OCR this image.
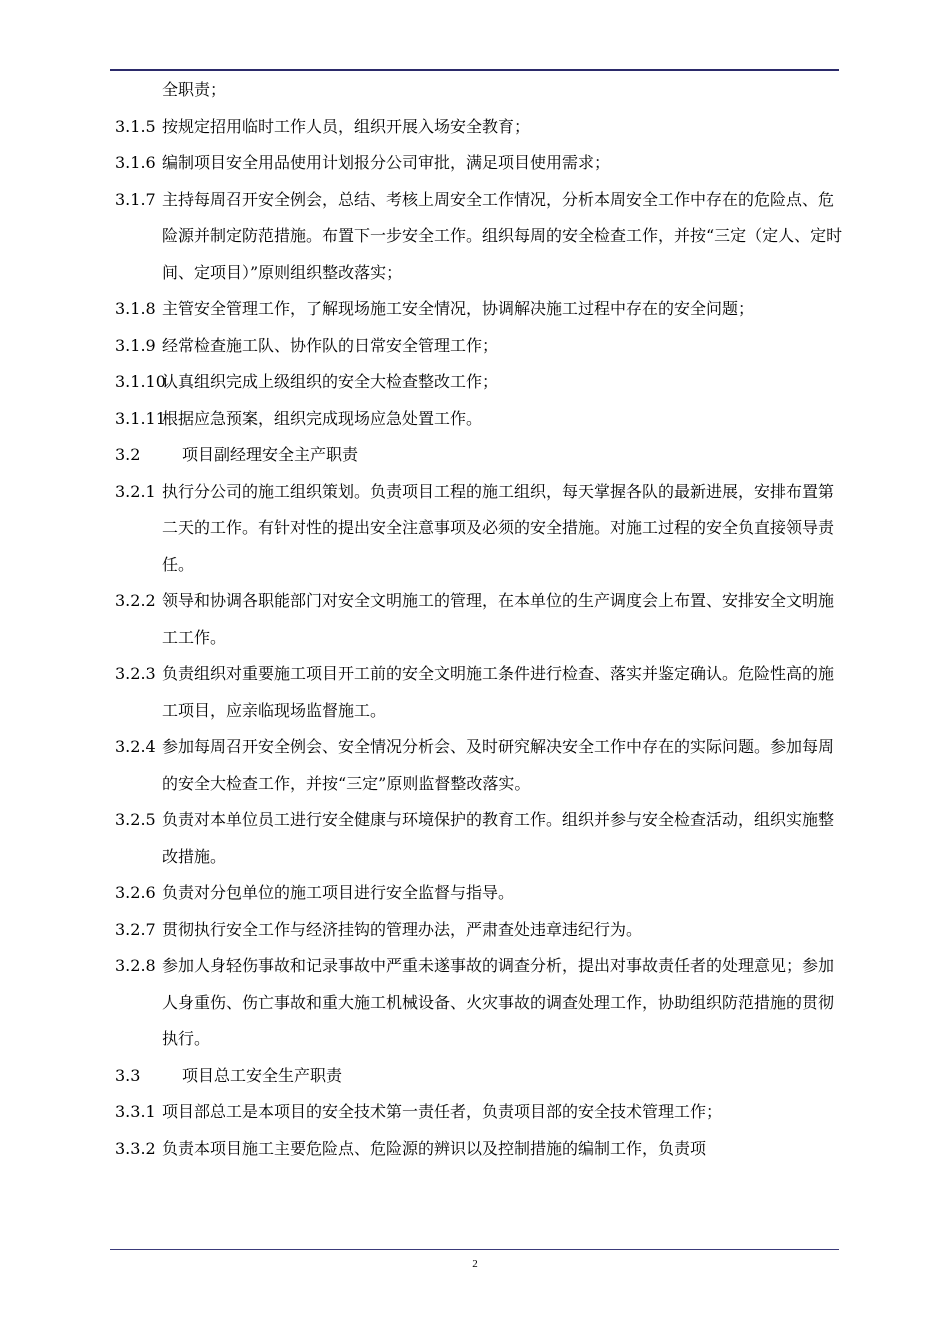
全职责；
3.1.5 按规定招用临时工作人员，组织开展入场安全教育；
3.1.6 编制项目安全用品使用计划报分公司审批，满足项目使用需求；
3.1.7 主持每周召开安全例会，总结、考核上周安全工作情况，分析本周安全工作中存在的危险点、危险源并制定防范措施。布置下一步安全工作。组织每周的安全检查工作，并按“三定（定人、定时间、定项目）”原则组织整改落实；
3.1.8 主管安全管理工作，了解现场施工安全情况，协调解决施工过程中存在的安全问题；
3.1.9 经常检查施工队、协作队的日常安全管理工作；
3.1.10
认真组织完成上级组织的安全大检查整改工作；
3.1.11
根据应急预案，组织完成现场应急处置工作。
3.2	项目副经理安全主产职责
3.2.1 执行分公司的施工组织策划。负责项目工程的施工组织，每天掌握各队的最新进展，安排布置第二天的工作。有针对性的提出安全注意事项及必须的安全措施。对施工过程的安全负直接领导责任。
3.2.2 领导和协调各职能部门对安全文明施工的管理，在本单位的生产调度会上布置、安排安全文明施工工作。
3.2.3 负责组织对重要施工项目开工前的安全文明施工条件进行检查、落实并鉴定确认。危险性高的施工项目，应亲临现场监督施工。
3.2.4 参加每周召开安全例会、安全情况分析会、及时研究解决安全工作中存在的实际问题。参加每周的安全大检查工作，并按“三定”原则监督整改落实。
3.2.5 负责对本单位员工进行安全健康与环境保护的教育工作。组织并参与安全检查活动，组织实施整改措施。
3.2.6 负责对分包单位的施工项目进行安全监督与指导。
3.2.7 贯彻执行安全工作与经济挂钩的管理办法，严肃查处违章违纪行为。
3.2.8 参加人身轻伤事故和记录事故中严重未遂事故的调查分析，提出对事故责任者的处理意见；参加人身重伤、伤亡事故和重大施工机械设备、火灾事故的调查处理工作，协助组织防范措施的贯彻执行。
3.3	项目总工安全生产职责
3.3.1 项目部总工是本项目的安全技术第一责任者，负责项目部的安全技术管理工作；
3.3.2 负责本项目施工主要危险点、危险源的辨识以及控制措施的编制工作，负责项
2
